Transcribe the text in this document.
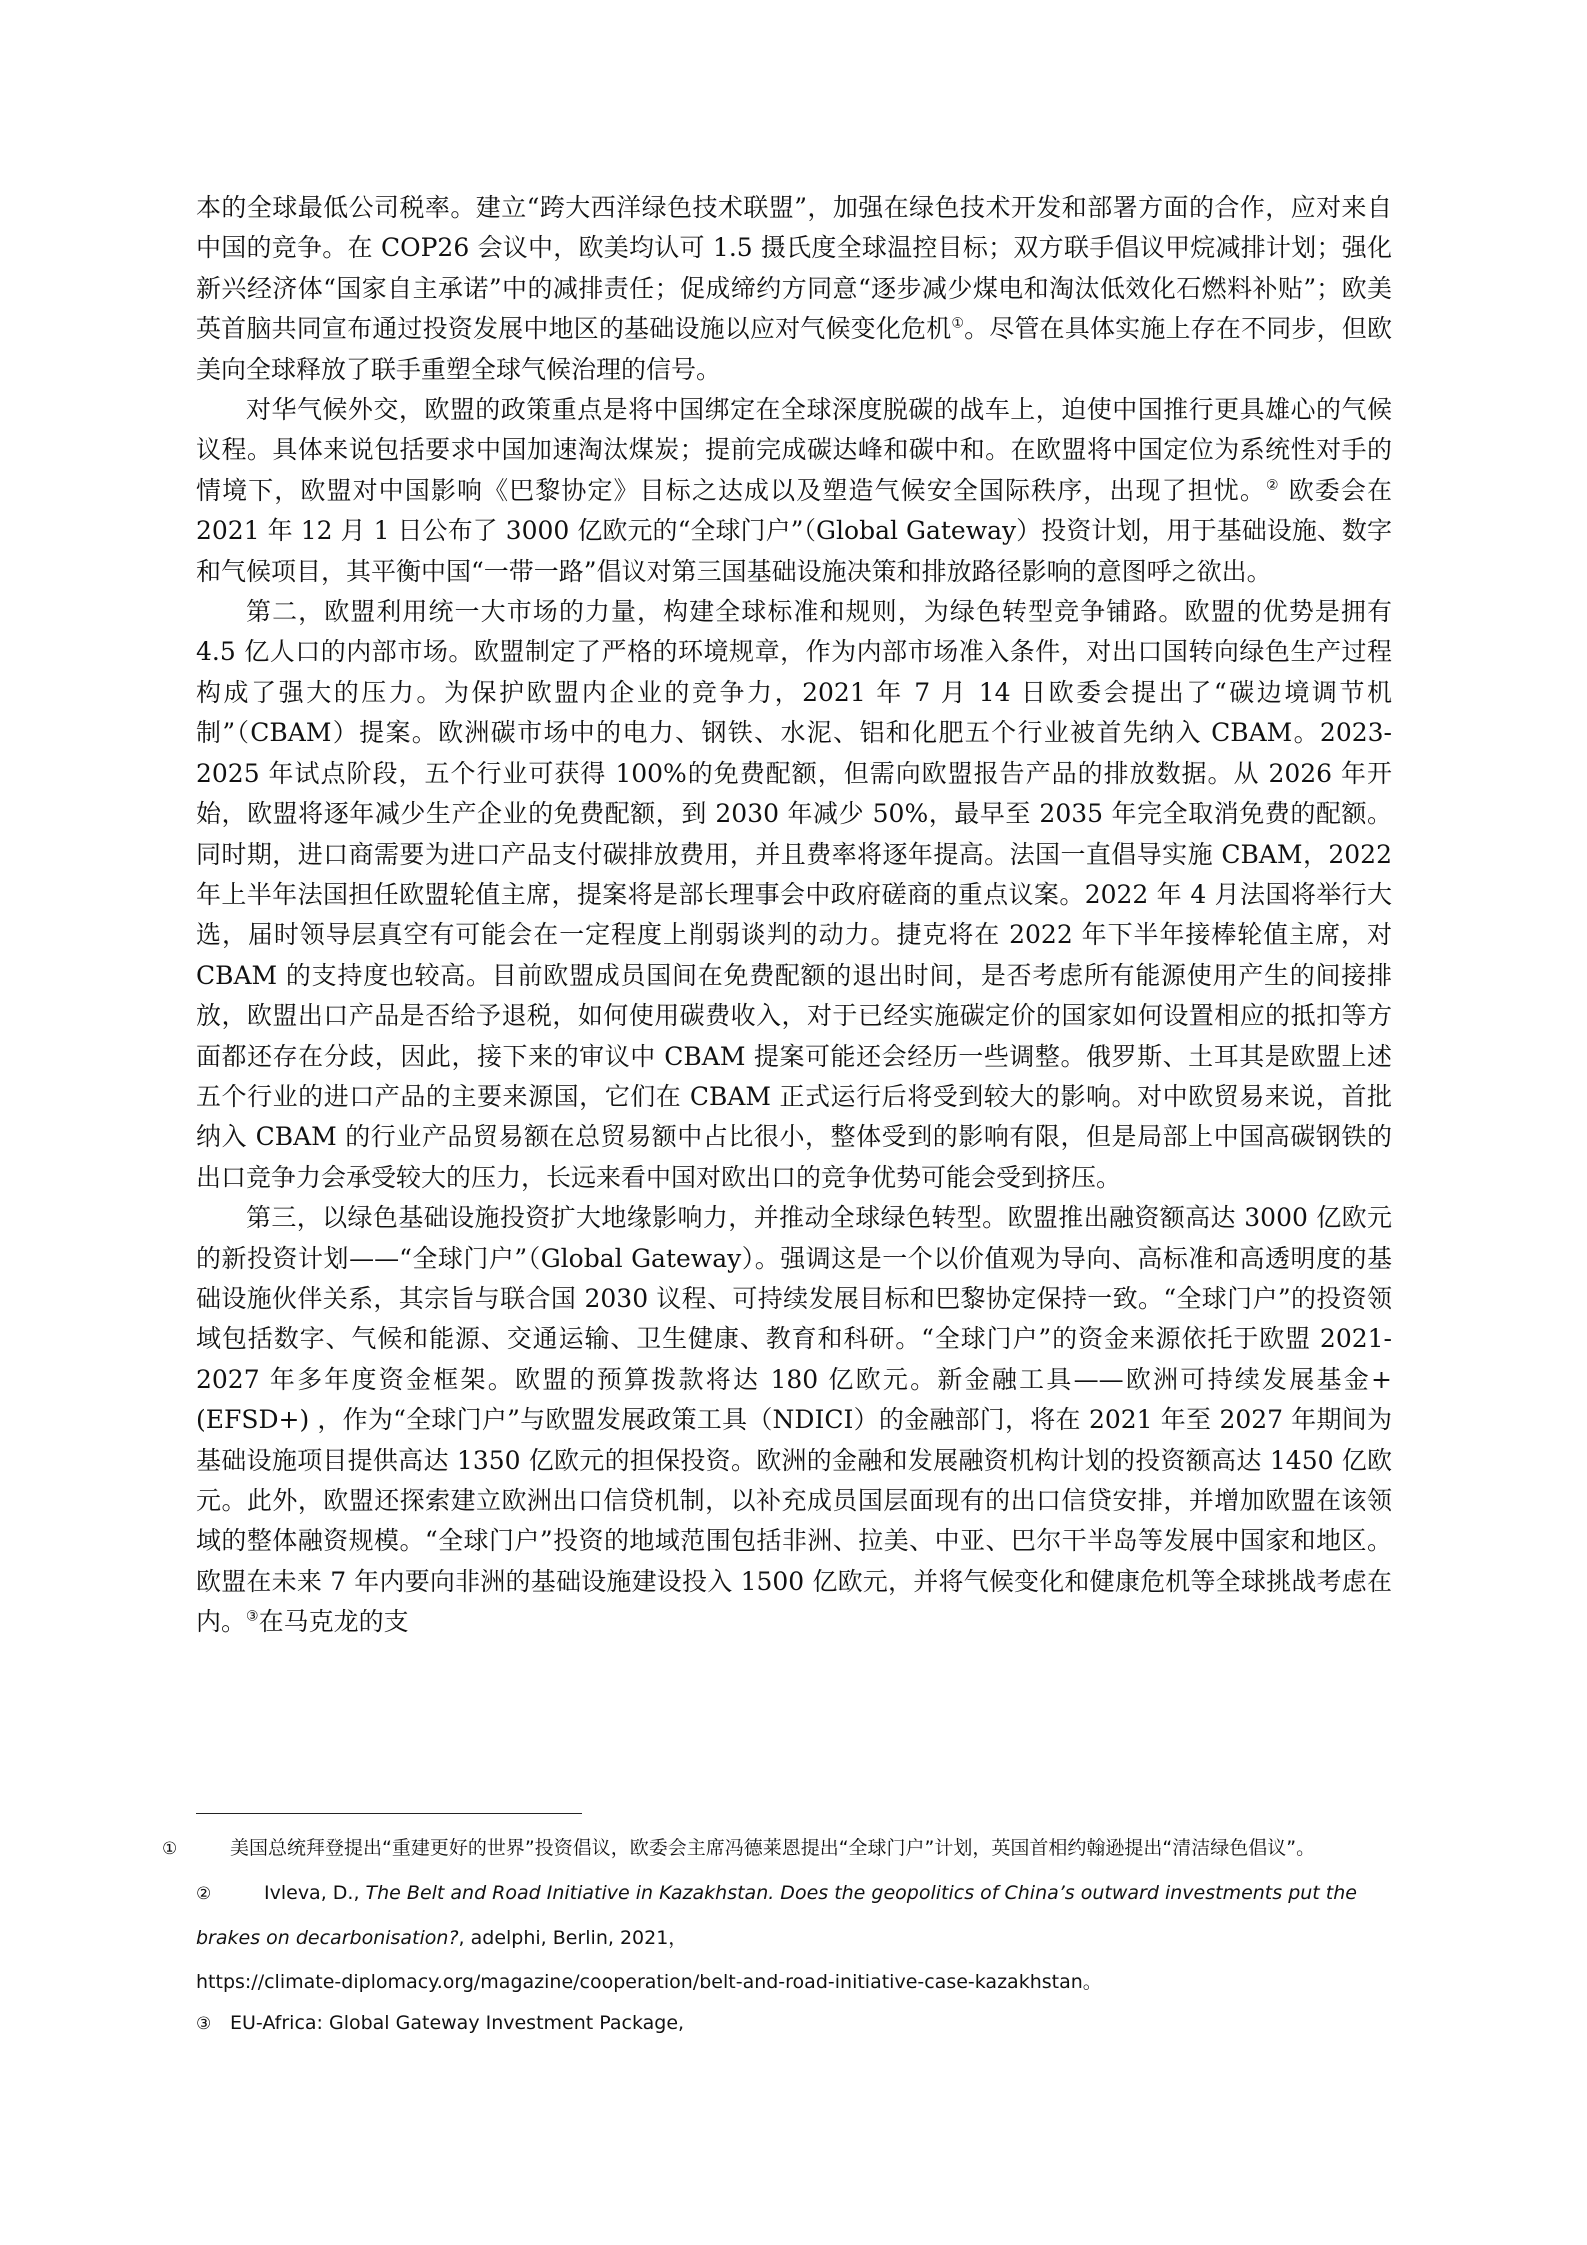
本的全球最低公司税率。建立“跨大西洋绿色技术联盟”，加强在绿色技术开发和部署方面的合作，应对来自中国的竞争。在 COP26 会议中，欧美均认可 1.5 摄氏度全球温控目标；双方联手倡议甲烷减排计划；强化新兴经济体“国家自主承诺”中的减排责任；促成缔约方同意“逐步减少煤电和淘汰低效化石燃料补贴”；欧美英首脑共同宣布通过投资发展中地区的基础设施以应对气候变化危机①。尽管在具体实施上存在不同步，但欧美向全球释放了联手重塑全球气候治理的信号。

对华气候外交，欧盟的政策重点是将中国绑定在全球深度脱碳的战车上，迫使中国推行更具雄心的气候议程。具体来说包括要求中国加速淘汰煤炭；提前完成碳达峰和碳中和。在欧盟将中国定位为系统性对手的情境下，欧盟对中国影响《巴黎协定》目标之达成以及塑造气候安全国际秩序，出现了担忧。② 欧委会在 2021 年 12 月 1 日公布了 3000 亿欧元的“全球门户”（Global Gateway）投资计划，用于基础设施、数字和气候项目，其平衡中国“一带一路”倡议对第三国基础设施决策和排放路径影响的意图呼之欲出。

第二，欧盟利用统一大市场的力量，构建全球标准和规则，为绿色转型竞争铺路。欧盟的优势是拥有 4.5 亿人口的内部市场。欧盟制定了严格的环境规章，作为内部市场准入条件，对出口国转向绿色生产过程构成了强大的压力。为保护欧盟内企业的竞争力，2021 年 7 月 14 日欧委会提出了“碳边境调节机制”（CBAM）提案。欧洲碳市场中的电力、钢铁、水泥、铝和化肥五个行业被首先纳入 CBAM。2023-2025 年试点阶段，五个行业可获得 100%的免费配额，但需向欧盟报告产品的排放数据。从 2026 年开始，欧盟将逐年减少生产企业的免费配额，到 2030 年减少 50%，最早至 2035 年完全取消免费的配额。同时期，进口商需要为进口产品支付碳排放费用，并且费率将逐年提高。法国一直倡导实施 CBAM，2022 年上半年法国担任欧盟轮值主席，提案将是部长理事会中政府磋商的重点议案。2022 年 4 月法国将举行大选，届时领导层真空有可能会在一定程度上削弱谈判的动力。捷克将在 2022 年下半年接棒轮值主席，对 CBAM 的支持度也较高。目前欧盟成员国间在免费配额的退出时间，是否考虑所有能源使用产生的间接排放，欧盟出口产品是否给予退税，如何使用碳费收入，对于已经实施碳定价的国家如何设置相应的抵扣等方面都还存在分歧，因此，接下来的审议中 CBAM 提案可能还会经历一些调整。俄罗斯、土耳其是欧盟上述五个行业的进口产品的主要来源国，它们在 CBAM 正式运行后将受到较大的影响。对中欧贸易来说，首批纳入 CBAM 的行业产品贸易额在总贸易额中占比很小，整体受到的影响有限，但是局部上中国高碳钢铁的出口竞争力会承受较大的压力，长远来看中国对欧出口的竞争优势可能会受到挤压。

第三，以绿色基础设施投资扩大地缘影响力，并推动全球绿色转型。欧盟推出融资额高达 3000 亿欧元的新投资计划——“全球门户”（Global Gateway）。强调这是一个以价值观为导向、高标准和高透明度的基础设施伙伴关系，其宗旨与联合国 2030 议程、可持续发展目标和巴黎协定保持一致。“全球门户”的投资领域包括数字、气候和能源、交通运输、卫生健康、教育和科研。“全球门户”的资金来源依托于欧盟 2021-2027 年多年度资金框架。欧盟的预算拨款将达 180 亿欧元。新金融工具——欧洲可持续发展基金+ (EFSD+) ，作为“全球门户”与欧盟发展政策工具（NDICI）的金融部门，将在 2021 年至 2027 年期间为基础设施项目提供高达 1350 亿欧元的担保投资。欧洲的金融和发展融资机构计划的投资额高达 1450 亿欧元。此外，欧盟还探索建立欧洲出口信贷机制，以补充成员国层面现有的出口信贷安排，并增加欧盟在该领域的整体融资规模。“全球门户”投资的地域范围包括非洲、拉美、中亚、巴尔干半岛等发展中国家和地区。欧盟在未来 7 年内要向非洲的基础设施建设投入 1500 亿欧元，并将气候变化和健康危机等全球挑战考虑在内。③在马克龙的支

①	美国总统拜登提出“重建更好的世界”投资倡议，欧委会主席冯德莱恩提出“全球门户”计划，英国首相约翰逊提出“清洁绿色倡议”。

②	Ivleva, D., The Belt and Road Initiative in Kazakhstan. Does the geopolitics of China’s outward investments put the brakes on decarbonisation?, adelphi, Berlin, 2021，

https://climate-diplomacy.org/magazine/cooperation/belt-and-road-initiative-case-kazakhstan。

③ EU-Africa: Global Gateway Investment Package,
